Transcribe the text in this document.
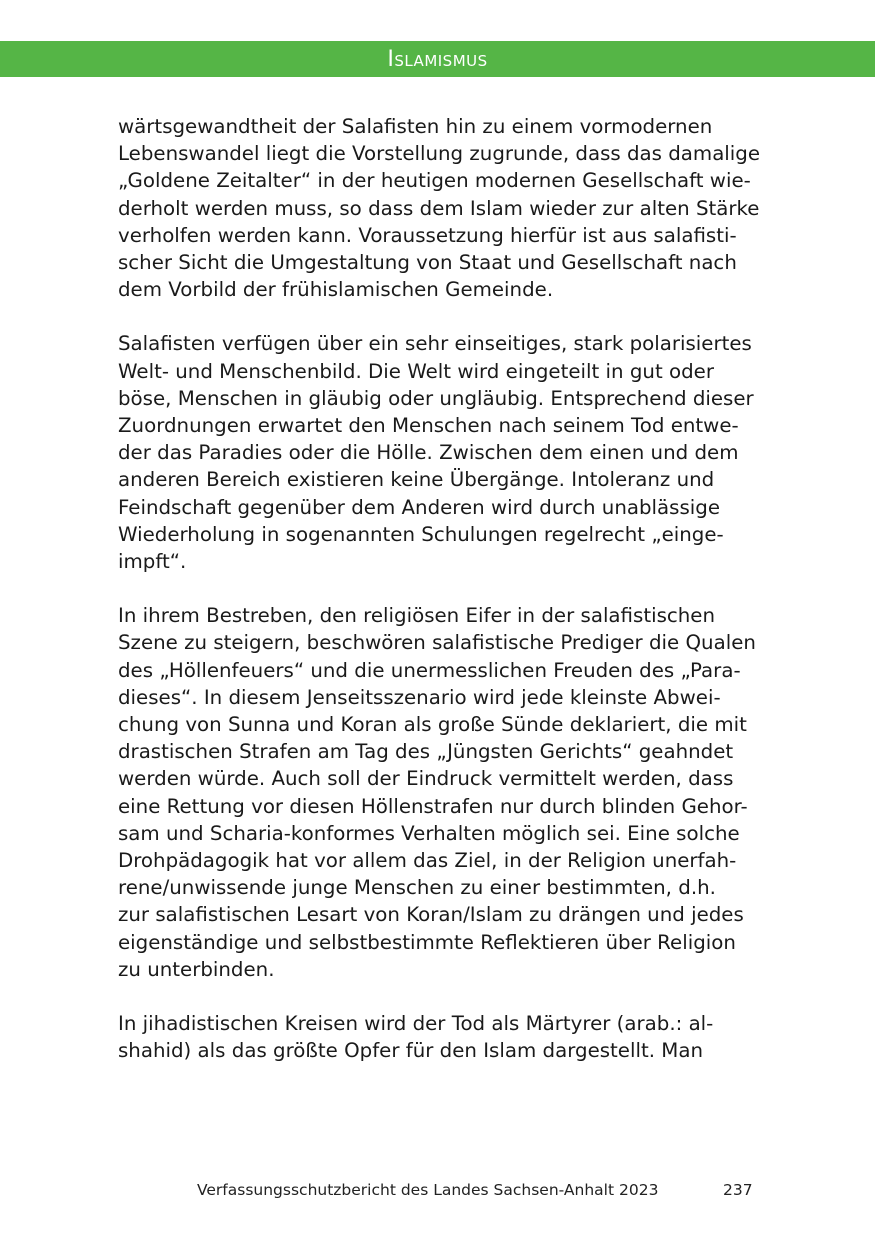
Islamismus

wärtsgewandtheit der Salafisten hin zu einem vormodernen
Lebenswandel liegt die Vorstellung zugrunde, dass das damalige
„Goldene Zeitalter“ in der heutigen modernen Gesellschaft wie-
derholt werden muss, so dass dem Islam wieder zur alten Stärke
verholfen werden kann. Voraussetzung hierfür ist aus salafisti-
scher Sicht die Umgestaltung von Staat und Gesellschaft nach
dem Vorbild der frühislamischen Gemeinde.

Salafisten verfügen über ein sehr einseitiges, stark polarisiertes
Welt- und Menschenbild. Die Welt wird eingeteilt in gut oder
böse, Menschen in gläubig oder ungläubig. Entsprechend dieser
Zuordnungen erwartet den Menschen nach seinem Tod entwe-
der das Paradies oder die Hölle. Zwischen dem einen und dem
anderen Bereich existieren keine Übergänge. Intoleranz und
Feindschaft gegenüber dem Anderen wird durch unablässige
Wiederholung in sogenannten Schulungen regelrecht „einge-
impft“.

In ihrem Bestreben, den religiösen Eifer in der salafistischen
Szene zu steigern, beschwören salafistische Prediger die Qualen
des „Höllenfeuers“ und die unermesslichen Freuden des „Para-
dieses“. In diesem Jenseitsszenario wird jede kleinste Abwei-
chung von Sunna und Koran als große Sünde deklariert, die mit
drastischen Strafen am Tag des „Jüngsten Gerichts“ geahndet
werden würde. Auch soll der Eindruck vermittelt werden, dass
eine Rettung vor diesen Höllenstrafen nur durch blinden Gehor-
sam und Scharia-konformes Verhalten möglich sei. Eine solche
Drohpädagogik hat vor allem das Ziel, in der Religion unerfah-
rene/unwissende junge Menschen zu einer bestimmten, d.h.
zur salafistischen Lesart von Koran/Islam zu drängen und jedes
eigenständige und selbstbestimmte Reflektieren über Religion
zu unterbinden.

In jihadistischen Kreisen wird der Tod als Märtyrer (arab.: al-
shahid) als das größte Opfer für den Islam dargestellt. Man

Verfassungsschutzbericht des Landes Sachsen-Anhalt 2023	237
